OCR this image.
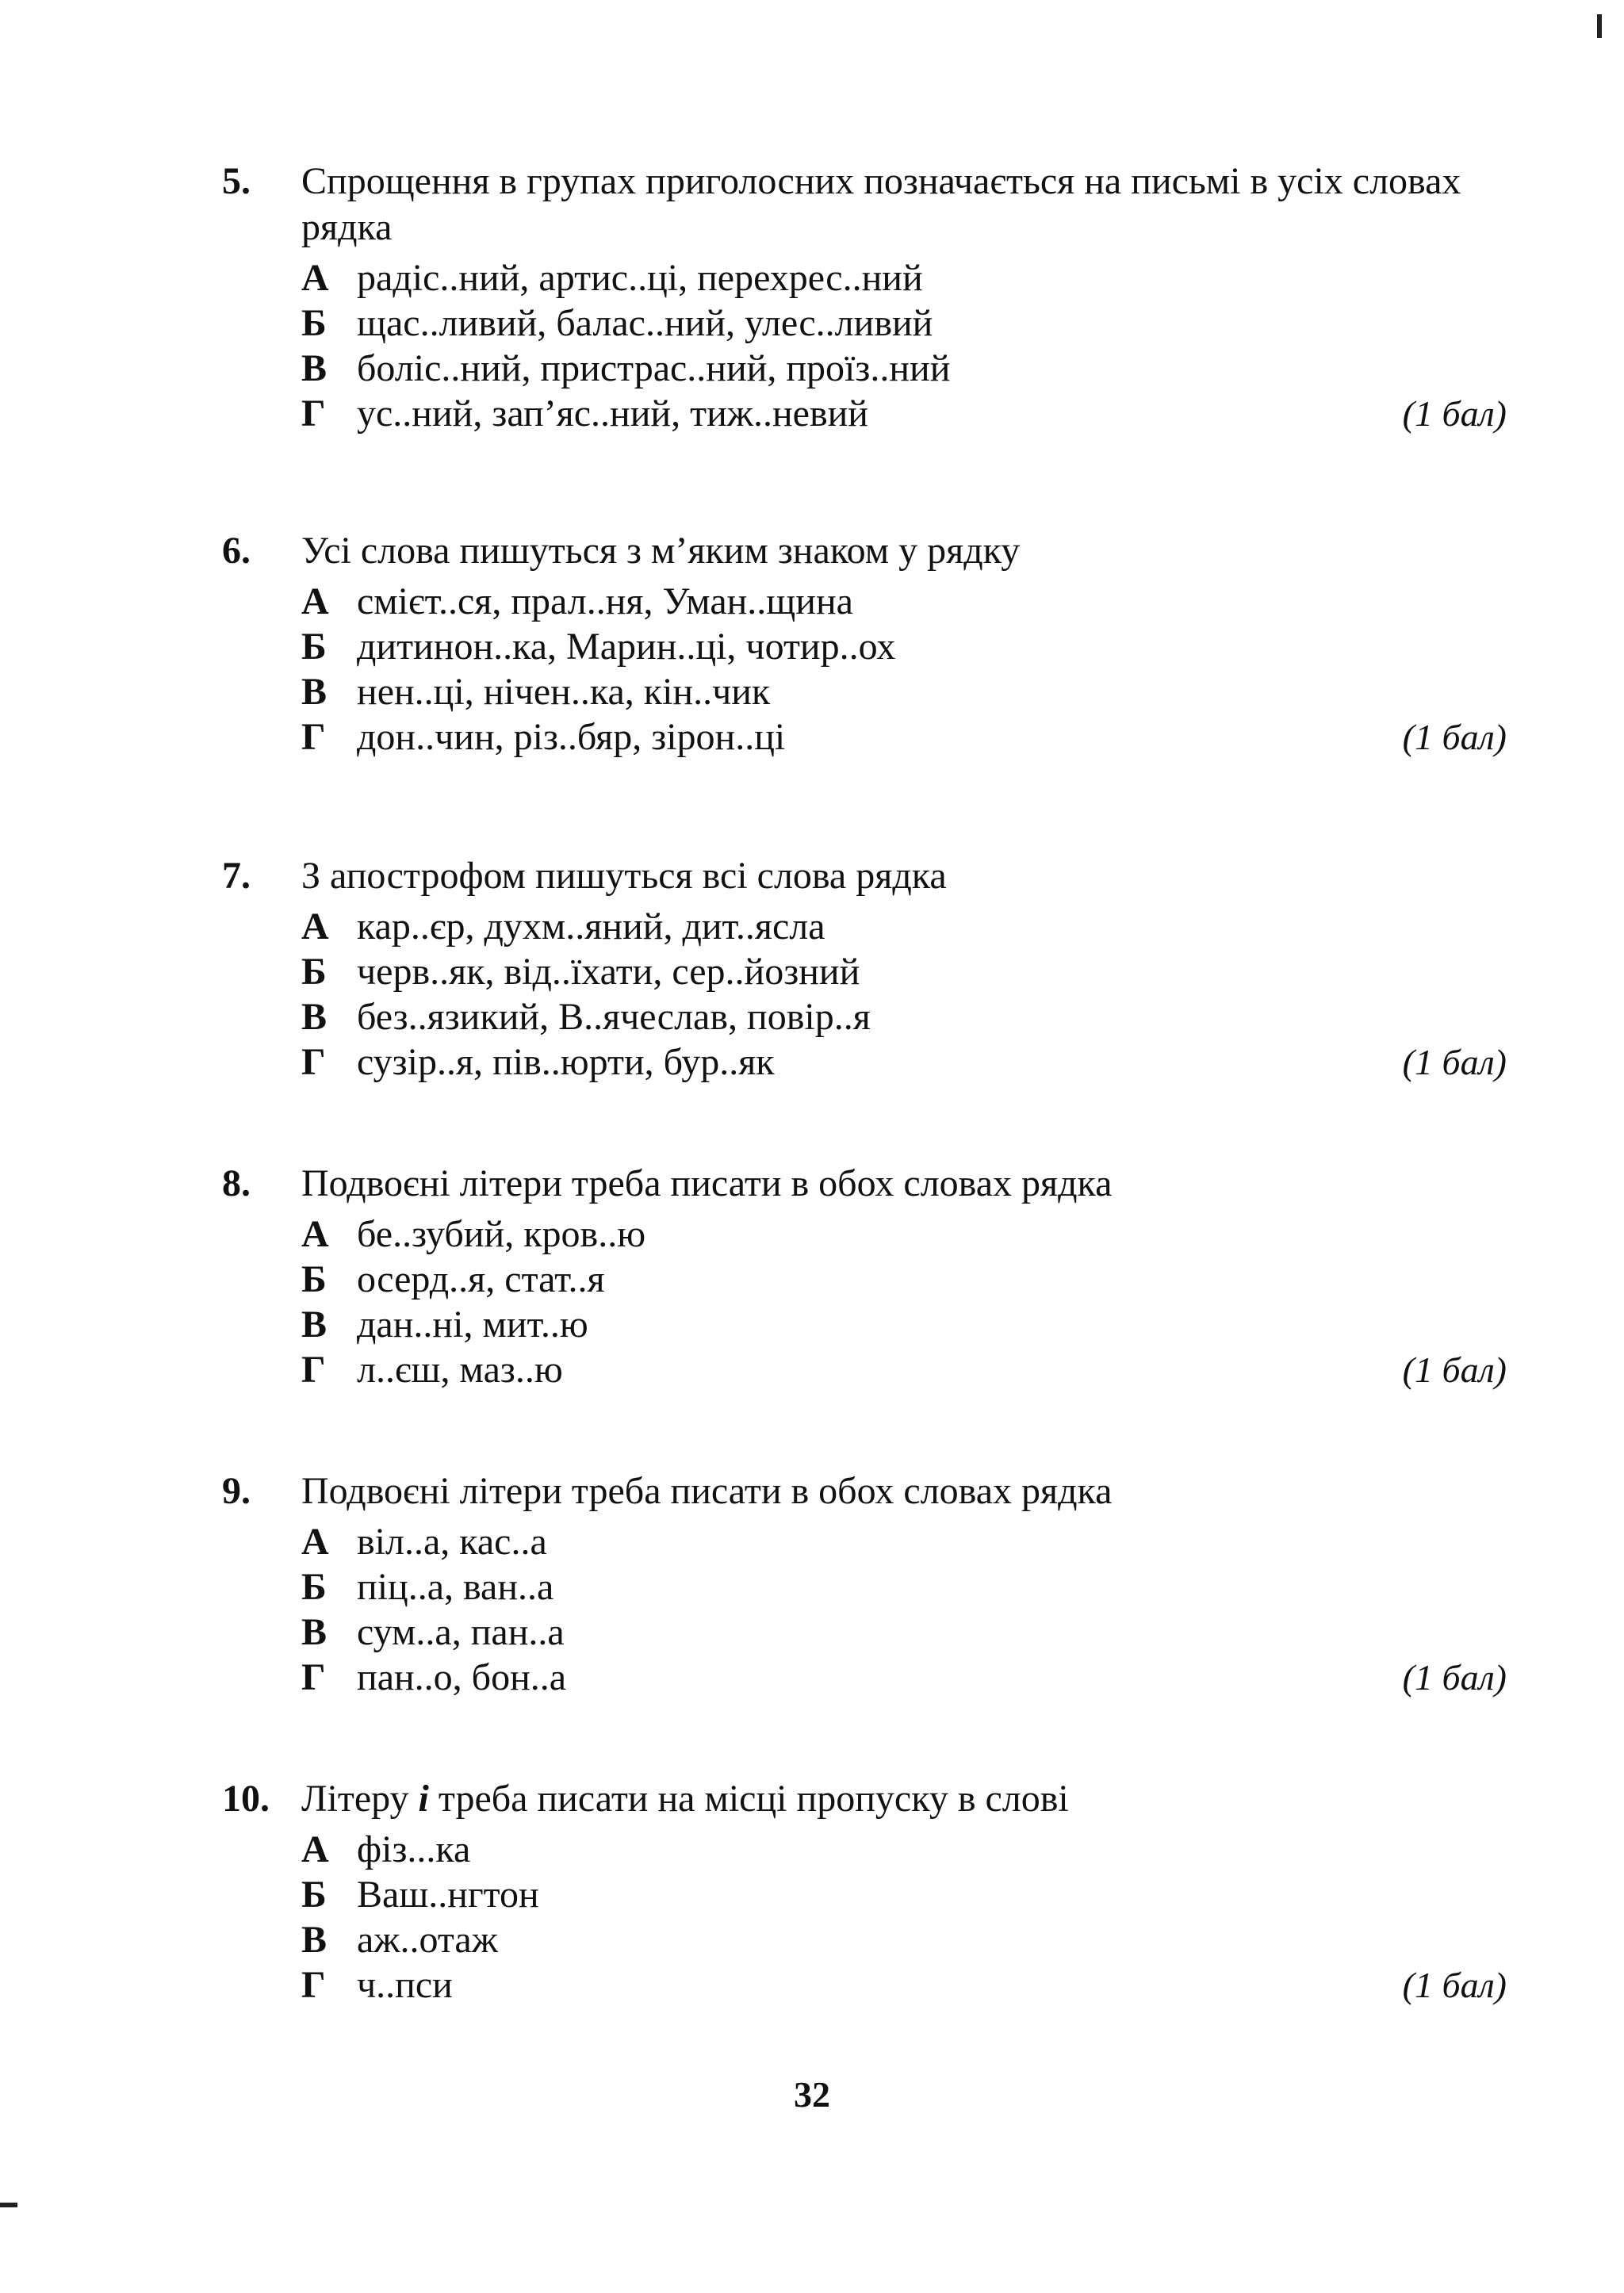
5.	Спрощення в групах приголосних позначається на письмі в усіх словах рядка
А радіс..ний, артис..ці, перехрес..ний
Б щас..ливий, балас..ний, улес..ливий
В боліс..ний, пристрас..ний, проїз..ний
Г ус..ний, зап’яс..ний, тиж..невий	(1 бал)
6.	Усі слова пишуться з м’яким знаком у рядку
А смієт..ся, прал..ня, Уман..щина
Б дитинон..ка, Марин..ці, чотир..ох
В нен..ці, нічен..ка, кін..чик
Г дон..чин, різ..бяр, зірон..ці	(1 бал)
7.	З апострофом пишуться всі слова рядка
А кар..єр, духм..яний, дит..ясла
Б черв..як, від..їхати, сер..йозний
В без..язикий, В..ячеслав, повір..я
Г сузір..я, пів..юрти, бур..як	(1 бал)
8.	Подвоєні літери треба писати в обох словах рядка
А бе..зубий, кров..ю
Б осерд..я, стат..я
В дан..ні, мит..ю
Г л..єш, маз..ю	(1 бал)
9.	Подвоєні літери треба писати в обох словах рядка
А віл..а, кас..а
Б піц..а, ван..а
В сум..а, пан..а
Г пан..о, бон..а	(1 бал)
10. Літеру і треба писати на місці пропуску в слові
А фіз...ка
Б Ваш..нгтон
В аж..отаж
Г ч..пси	(1 бал)
32
